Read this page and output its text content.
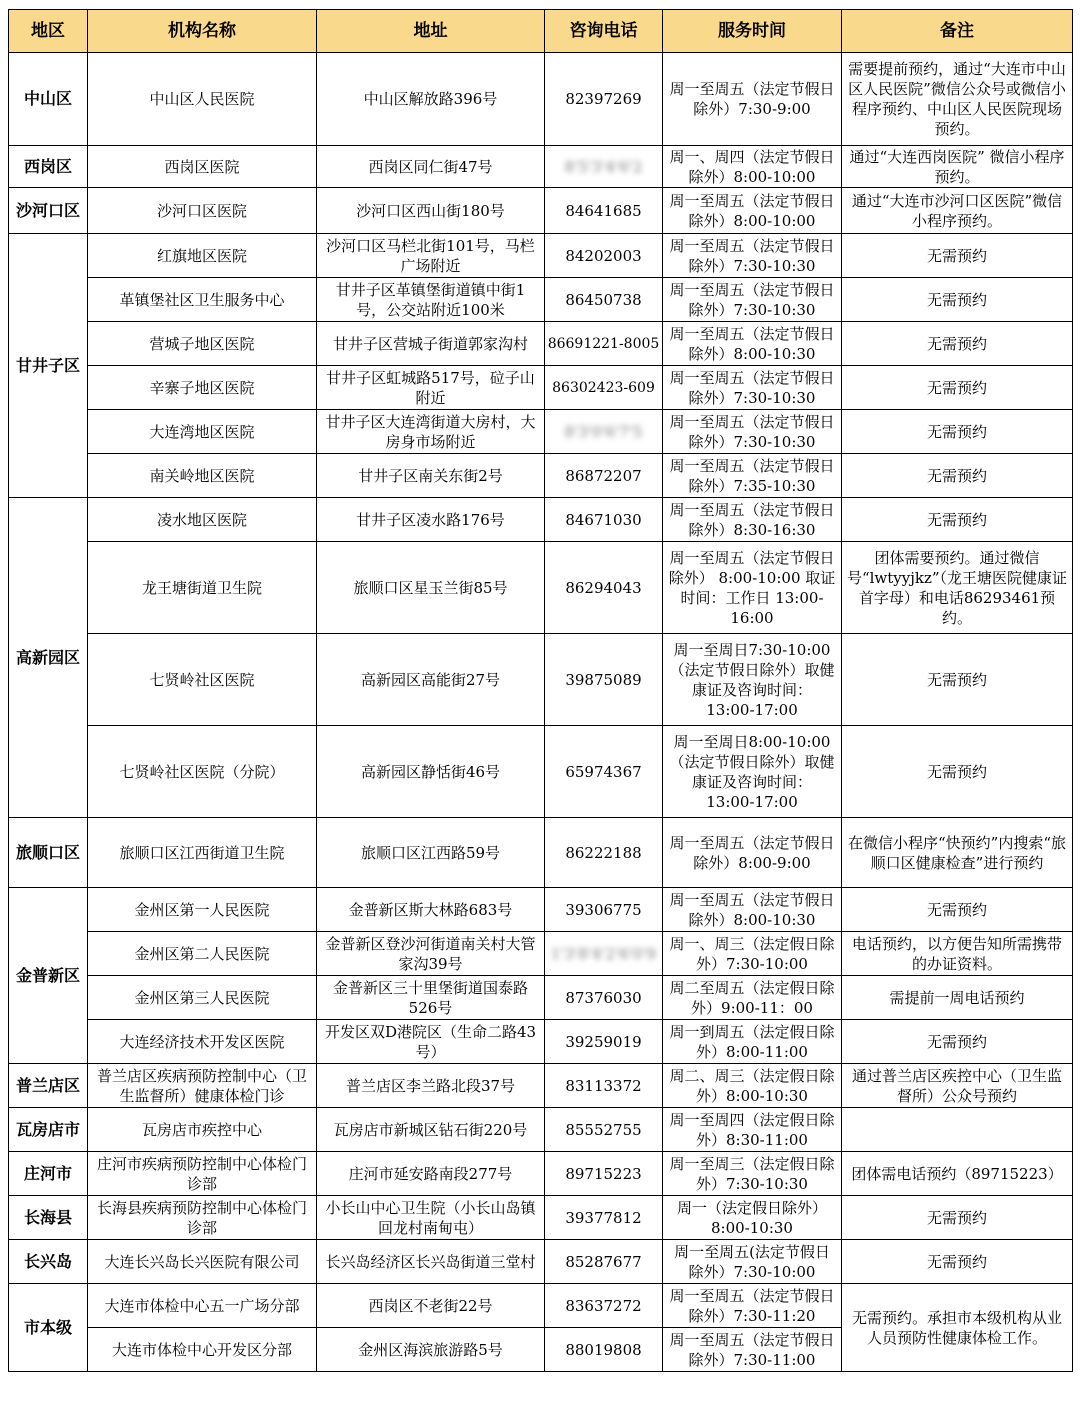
地区	机构名称	地址	咨询电话	服务时间	备注
中山区	中山区人民医院	中山区解放路396号	82397269	周一至周五（法定节假日除外）7:30-9:00	需要提前预约，通过“大连市中山区人民医院”微信公众号或微信小程序预约、中山区人民医院现场预约。
西岗区	西岗区医院	西岗区同仁街47号	8'5'3'4'6'2	周一、周四（法定节假日除外）8:00-10:00	通过“大连西岗医院” 微信小程序预约。
沙河口区	沙河口区医院	沙河口区西山街180号	84641685	周一至周五（法定节假日除外）8:00-10:00	通过“大连市沙河口区医院”微信小程序预约。
甘井子区	红旗地区医院	沙河口区马栏北街101号，马栏广场附近	84202003	周一至周五（法定节假日除外）7:30-10:30	无需预约
	革镇堡社区卫生服务中心	甘井子区革镇堡街道镇中街1号，公交站附近100米	86450738	周一至周五（法定节假日除外）7:30-10:30	无需预约
	营城子地区医院	甘井子区营城子街道郭家沟村	86691221-8005	周一至周五（法定节假日除外）8:00-10:30	无需预约
	辛寨子地区医院	甘井子区虹城路517号，砬子山附近	86302423-609	周一至周五（法定节假日除外）7:30-10:30	无需预约
	大连湾地区医院	甘井子区大连湾街道大房村，大房身市场附近	8'3'0'6'7'5	周一至周五（法定节假日除外）7:30-10:30	无需预约
	南关岭地区医院	甘井子区南关东街2号	86872207	周一至周五（法定节假日除外）7:35-10:30	无需预约
高新园区	凌水地区医院	甘井子区凌水路176号	84671030	周一至周五（法定节假日除外）8:30-16:30	无需预约
	龙王塘街道卫生院	旅顺口区星玉兰街85号	86294043	周一至周五（法定节假日除外） 8:00-10:00 取证时间：工作日 13:00-16:00	团体需要预约。通过微信号“lwtyyjkz”（龙王塘医院健康证首字母）和电话86293461预约。
	七贤岭社区医院	高新园区高能街27号	39875089	周一至周日7:30-10:00（法定节假日除外）取健康证及咨询时间： 13:00-17:00	无需预约
	七贤岭社区医院（分院）	高新园区静恬街46号	65974367	周一至周日8:00-10:00（法定节假日除外）取健康证及咨询时间： 13:00-17:00	无需预约
旅顺口区	旅顺口区江西街道卫生院	旅顺口区江西路59号	86222188	周一至周五（法定节假日除外）8:00-9:00	在微信小程序“快预约”内搜索“旅顺口区健康检查”进行预约
金普新区	金州区第一人民医院	金普新区斯大林路683号	39306775	周一至周五（法定节假日除外）8:00-10:30	无需预约
	金州区第二人民医院	金普新区登沙河街道南关村大管家沟39号	1'3'8'4'2'6'0'9	周一、周三（法定假日除外）7:30-10:00	电话预约，以方便告知所需携带的办证资料。
	金州区第三人民医院	金普新区三十里堡街道国泰路526号	87376030	周二至周五（法定假日除外）9:00-11：00	需提前一周电话预约
	大连经济技术开发区医院	开发区双D港院区（生命二路43号）	39259019	周一到周五（法定假日除外）8:00-11:00	无需预约
普兰店区	普兰店区疾病预防控制中心（卫生监督所）健康体检门诊	普兰店区李兰路北段37号	83113372	周二、周三（法定假日除外）8:00-10:30	通过普兰店区疾控中心（卫生监督所）公众号预约
瓦房店市	瓦房店市疾控中心	瓦房店市新城区钻石街220号	85552755	周一至周四（法定假日除外）8:30-11:00	
庄河市	庄河市疾病预防控制中心体检门诊部	庄河市延安路南段277号	89715223	周一至周三（法定假日除外）7:30-10:30	团体需电话预约（89715223）
长海县	长海县疾病预防控制中心体检门诊部	小长山中心卫生院（小长山岛镇回龙村南甸屯）	39377812	周一（法定假日除外） 8:00-10:30	无需预约
长兴岛	大连长兴岛长兴医院有限公司	长兴岛经济区长兴岛街道三堂村	85287677	周一至周五(法定节假日除外）7:30-10:00	无需预约
市本级	大连市体检中心五一广场分部	西岗区不老街22号	83637272	周一至周五（法定节假日除外）7:30-11:20	无需预约。承担市本级机构从业人员预防性健康体检工作。
	大连市体检中心开发区分部	金州区海滨旅游路5号	88019808	周一至周五（法定节假日除外）7:30-11:00	
